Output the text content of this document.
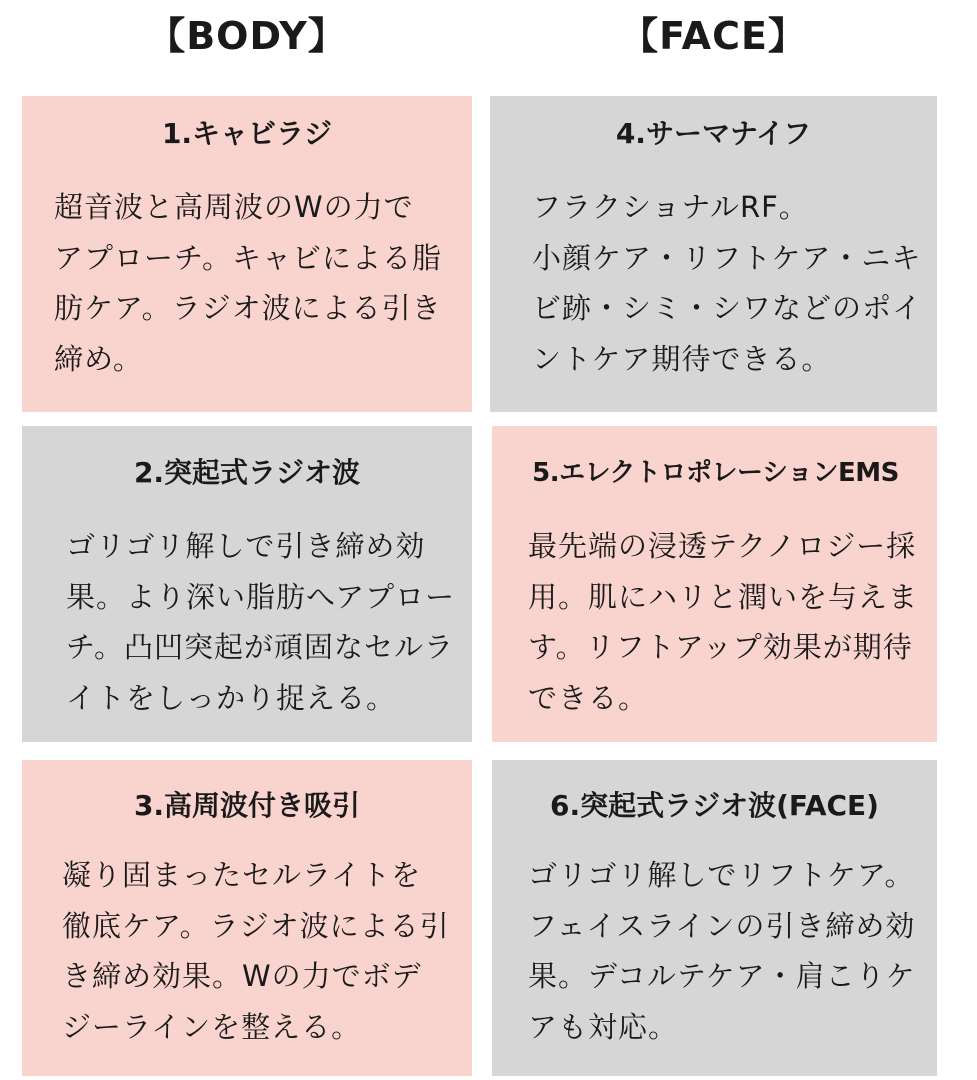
【BODY】	【FACE】
1.キャビラジ
超音波と高周波のWの力で
アプローチ。キャビによる脂
肪ケア。ラジオ波による引き
締め。
4.サーマナイフ
フラクショナルRF。
小顔ケア・リフトケア・ニキ
ビ跡・シミ・シワなどのポイ
ントケア期待できる。
2.突起式ラジオ波
ゴリゴリ解しで引き締め効
果。より深い脂肪へアプロー
チ。凸凹突起が頑固なセルラ
イトをしっかり捉える。
5.エレクトロポレーションEMS
最先端の浸透テクノロジー採
用。肌にハリと潤いを与えま
す。リフトアップ効果が期待
できる。
3.高周波付き吸引
凝り固まったセルライトを
徹底ケア。ラジオ波による引
き締め効果。Wの力でボデ
ジーラインを整える。
6.突起式ラジオ波(FACE)
ゴリゴリ解しでリフトケア。
フェイスラインの引き締め効
果。デコルテケア・肩こりケ
アも対応。
